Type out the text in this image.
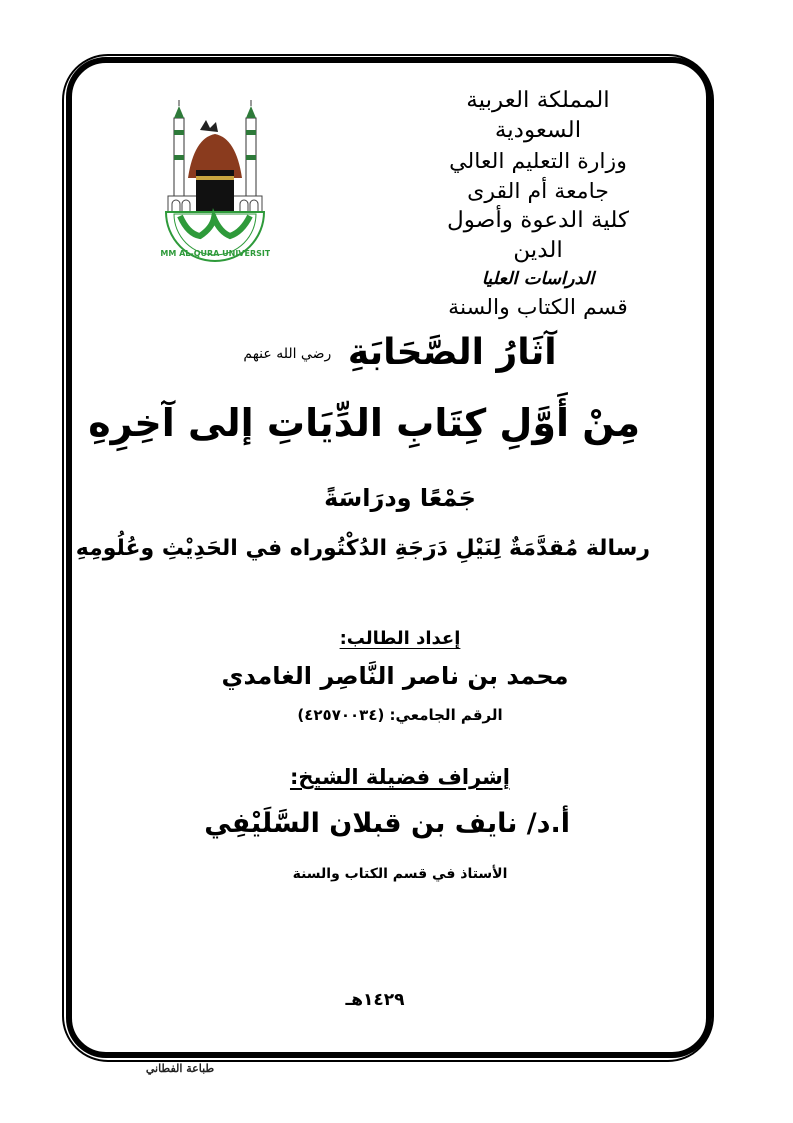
المملكة العربية السعودية
وزارة التعليم العالي
جامعة أم القرى
كلية الدعوة وأصول الدين
الدراسات العليا
قسم الكتاب والسنة
UMM AL-QURA UNIVERSITY
آثَارُ الصَّحَابَةِ رضي الله عنهم
مِنْ أَوَّلِ كِتَابِ الدِّيَاتِ إلى آخِرِهِ
جَمْعًا ودرَاسَةً
رسالة مُقدَّمَةٌ لِنَيْلِ دَرَجَةِ الدُكْتُوراه في الحَدِيْثِ وعُلُومِهِ
إعداد الطالب:
محمد بن ناصر النَّاصِر الغامدي
الرقم الجامعي: (٤٢٥٧٠٠٣٤)
إشراف فضيلة الشيخ:
أ.د/ نايف بن قبلان السَّلَيْفِي
الأستاذ في قسم الكتاب والسنة
١٤٢٩هـ
طباعة الفطاني
